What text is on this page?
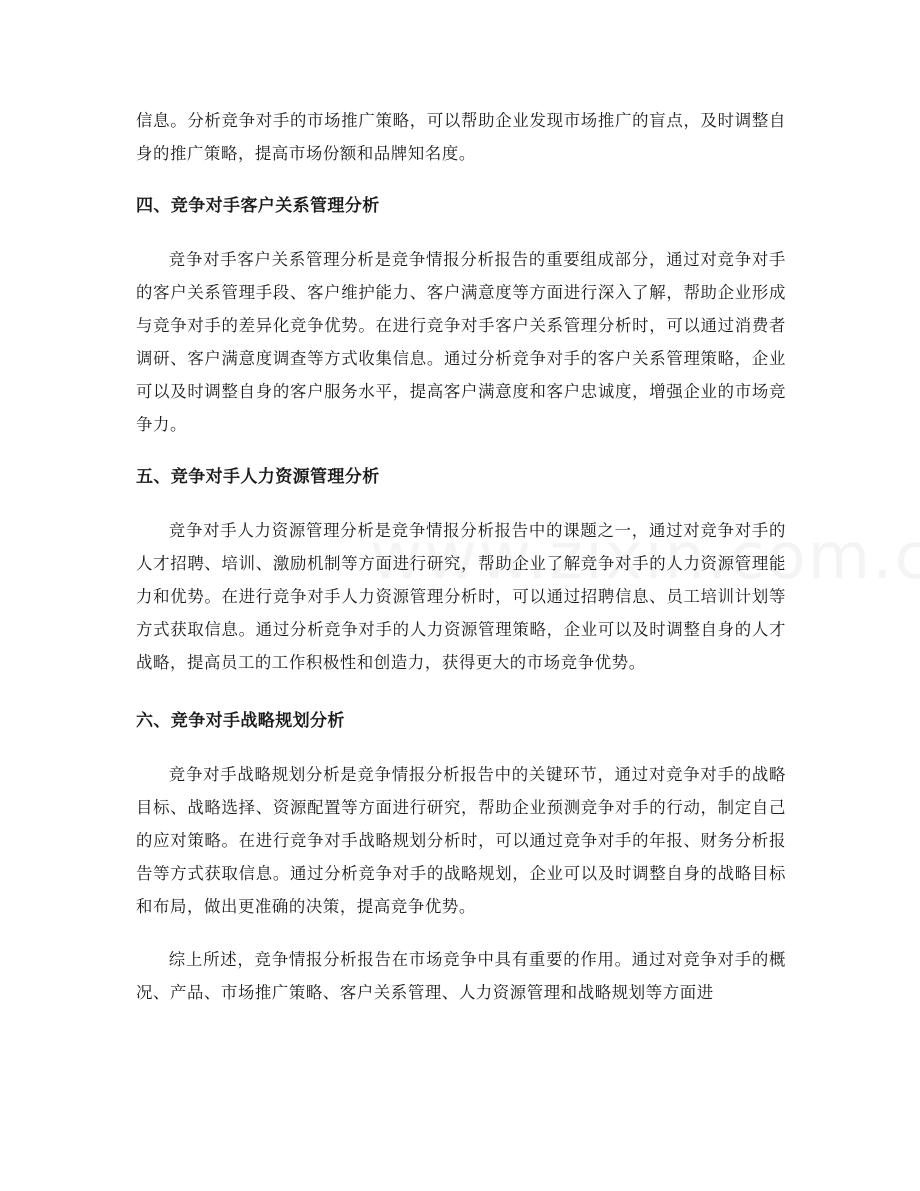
信息。分析竞争对手的市场推广策略，可以帮助企业发现市场推广的盲点，及时调整自身的推广策略，提高市场份额和品牌知名度。

四、竞争对手客户关系管理分析

竞争对手客户关系管理分析是竞争情报分析报告的重要组成部分，通过对竞争对手的客户关系管理手段、客户维护能力、客户满意度等方面进行深入了解，帮助企业形成与竞争对手的差异化竞争优势。在进行竞争对手客户关系管理分析时，可以通过消费者调研、客户满意度调查等方式收集信息。通过分析竞争对手的客户关系管理策略，企业可以及时调整自身的客户服务水平，提高客户满意度和客户忠诚度，增强企业的市场竞争力。

五、竞争对手人力资源管理分析

竞争对手人力资源管理分析是竞争情报分析报告中的课题之一，通过对竞争对手的人才招聘、培训、激励机制等方面进行研究，帮助企业了解竞争对手的人力资源管理能力和优势。在进行竞争对手人力资源管理分析时，可以通过招聘信息、员工培训计划等方式获取信息。通过分析竞争对手的人力资源管理策略，企业可以及时调整自身的人才战略，提高员工的工作积极性和创造力，获得更大的市场竞争优势。

六、竞争对手战略规划分析

竞争对手战略规划分析是竞争情报分析报告中的关键环节，通过对竞争对手的战略目标、战略选择、资源配置等方面进行研究，帮助企业预测竞争对手的行动，制定自己的应对策略。在进行竞争对手战略规划分析时，可以通过竞争对手的年报、财务分析报告等方式获取信息。通过分析竞争对手的战略规划，企业可以及时调整自身的战略目标和布局，做出更准确的决策，提高竞争优势。

综上所述，竞争情报分析报告在市场竞争中具有重要的作用。通过对竞争对手的概况、产品、市场推广策略、客户关系管理、人力资源管理和战略规划等方面进
